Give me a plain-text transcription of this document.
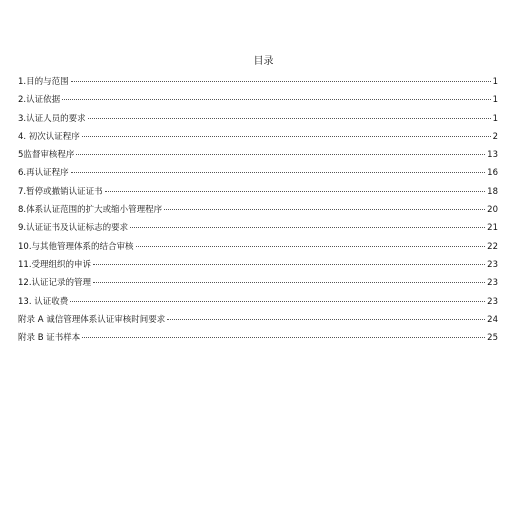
目录
1.目的与范围	1
2.认证依据	1
3.认证人员的要求	1
4. 初次认证程序	2
5监督审核程序	13
6.再认证程序	16
7.暂停或撤销认证证书	18
8.体系认证范围的扩大或缩小管理程序	20
9.认证证书及认证标志的要求	21
10.与其他管理体系的结合审核	22
11.受理组织的申诉	23
12.认证记录的管理	23
13. 认证收费	23
附录 A 诚信管理体系认证审核时间要求	24
附录 B 证书样本	25
